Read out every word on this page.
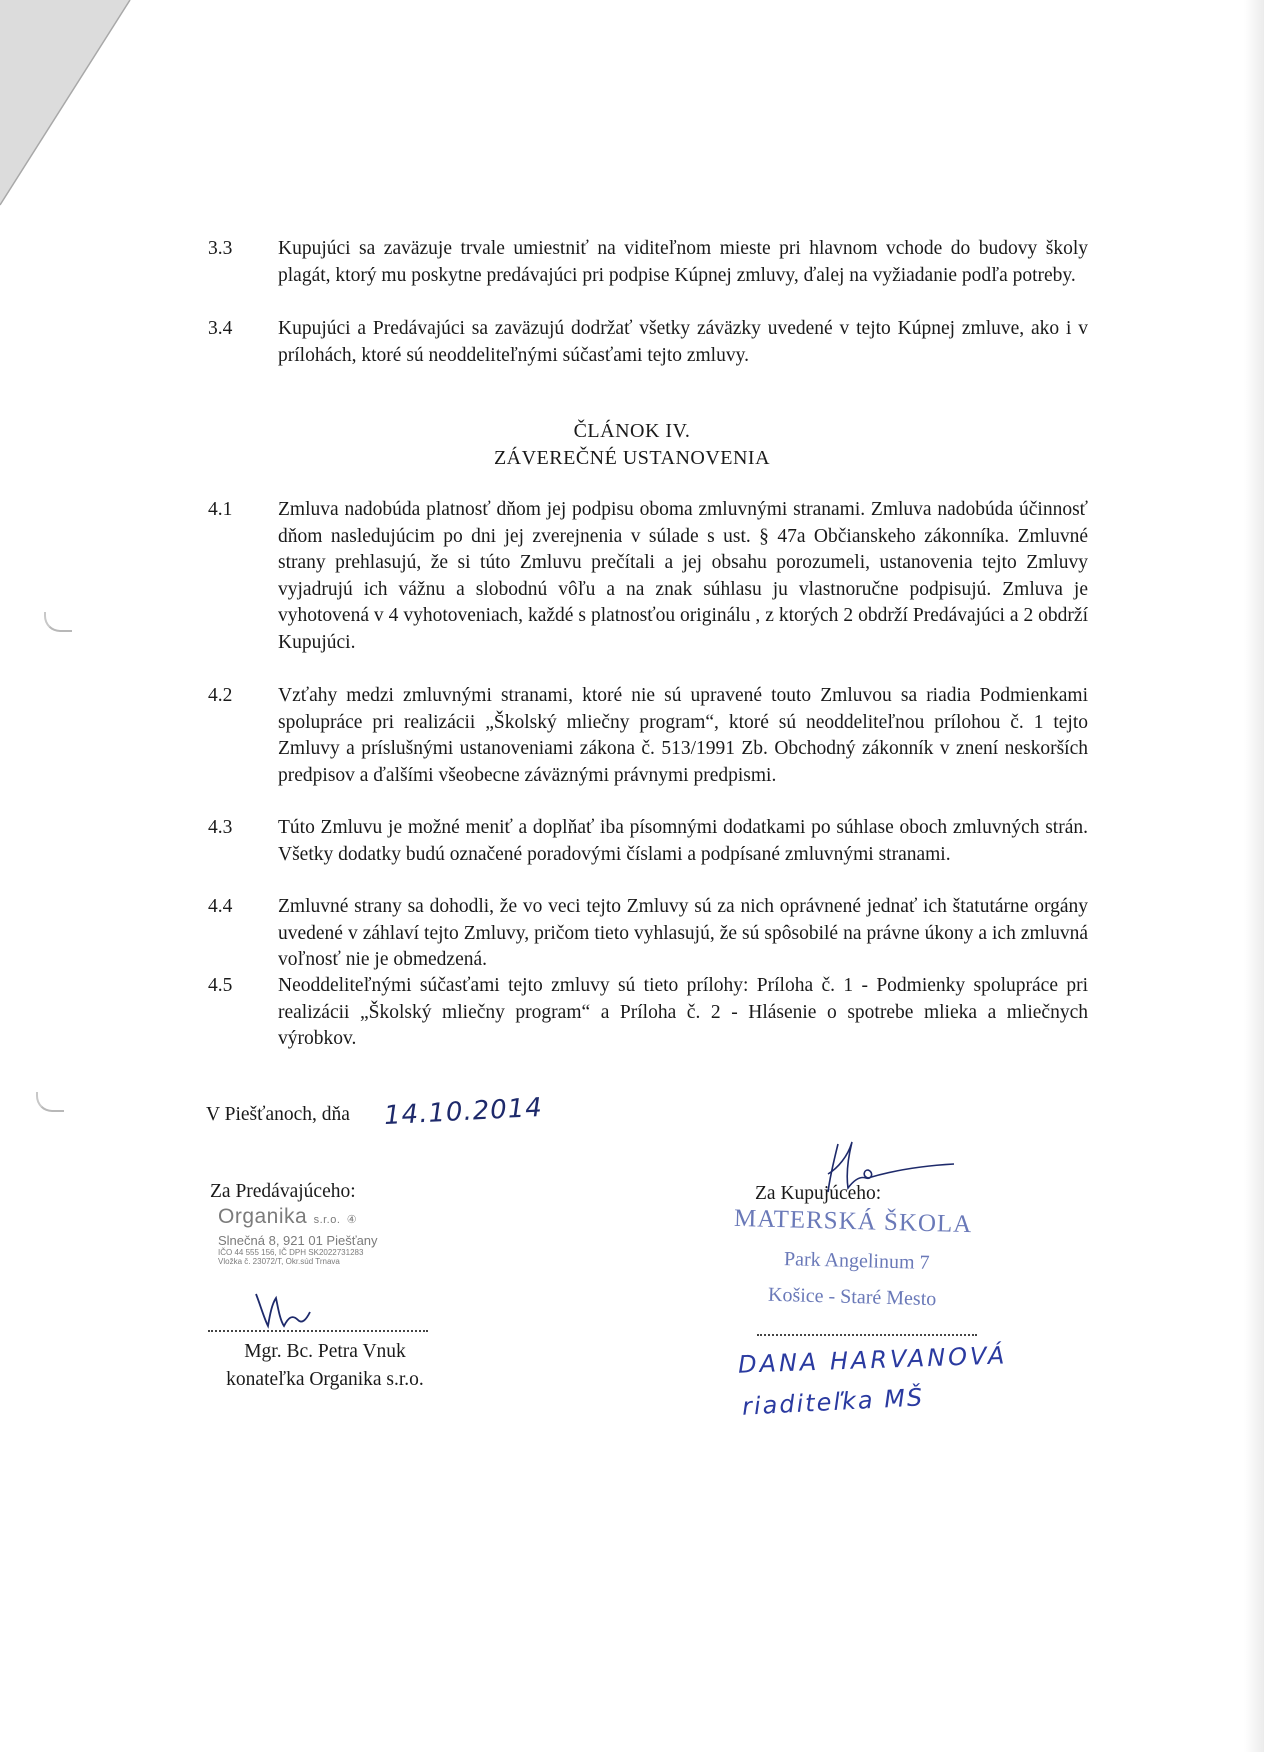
3.3	Kupujúci sa zaväzuje trvale umiestniť na viditeľnom mieste pri hlavnom vchode do budovy školy plagát, ktorý mu poskytne predávajúci pri podpise Kúpnej zmluvy, ďalej na vyžiadanie podľa potreby.
3.4	Kupujúci a Predávajúci sa zaväzujú dodržať všetky záväzky uvedené v tejto Kúpnej zmluve, ako i v prílohách, ktoré sú neoddeliteľnými súčasťami tejto zmluvy.
ČLÁNOK IV.
ZÁVEREČNÉ USTANOVENIA
4.1	Zmluva nadobúda platnosť dňom jej podpisu oboma zmluvnými stranami. Zmluva nadobúda účinnosť dňom nasledujúcim po dni jej zverejnenia v súlade s ust. § 47a Občianskeho zákonníka. Zmluvné strany prehlasujú, že si túto Zmluvu prečítali a jej obsahu porozumeli, ustanovenia tejto Zmluvy vyjadrujú ich vážnu a slobodnú vôľu a na znak súhlasu ju vlastnoručne podpisujú. Zmluva je vyhotovená v 4 vyhotoveniach, každé s platnosťou originálu , z ktorých 2 obdrží Predávajúci a 2 obdrží Kupujúci.
4.2	Vzťahy medzi zmluvnými stranami, ktoré nie sú upravené touto Zmluvou sa riadia Podmienkami spolupráce pri realizácii „Školský mliečny program“, ktoré sú neoddeliteľnou prílohou č. 1 tejto Zmluvy a príslušnými ustanoveniami zákona č. 513/1991 Zb. Obchodný zákonník v znení neskorších predpisov a ďalšími všeobecne záväznými právnymi predpismi.
4.3	Túto Zmluvu je možné meniť a doplňať iba písomnými dodatkami po súhlase oboch zmluvných strán. Všetky dodatky budú označené poradovými číslami a podpísané zmluvnými stranami.
4.4	Zmluvné strany sa dohodli, že vo veci tejto Zmluvy sú za nich oprávnené jednať ich štatutárne orgány uvedené v záhlaví tejto Zmluvy, pričom tieto vyhlasujú, že sú spôsobilé na právne úkony a ich zmluvná voľnosť nie je obmedzená.
4.5	Neoddeliteľnými súčasťami tejto zmluvy sú tieto prílohy: Príloha č. 1 - Podmienky spolupráce pri realizácii „Školský mliečny program“ a Príloha č. 2 - Hlásenie o spotrebe mlieka a mliečnych výrobkov.
V Piešťanoch, dňa 14.10.2014
Za Predávajúceho:
Organika s.r.o. ④
Slnečná 8, 921 01 Piešťany
IČO 44 555 156, IČ DPH SK2022731283
Vložka č. 23072/T, Okr.súd Trnava
Mgr. Bc. Petra Vnuk
konateľka Organika s.r.o.
Za Kupujúceho:
MATERSKÁ ŠKOLA
Park Angelinum 7
Košice - Staré Mesto
DANA HARVANOVÁ
riaditeľka MŠ
